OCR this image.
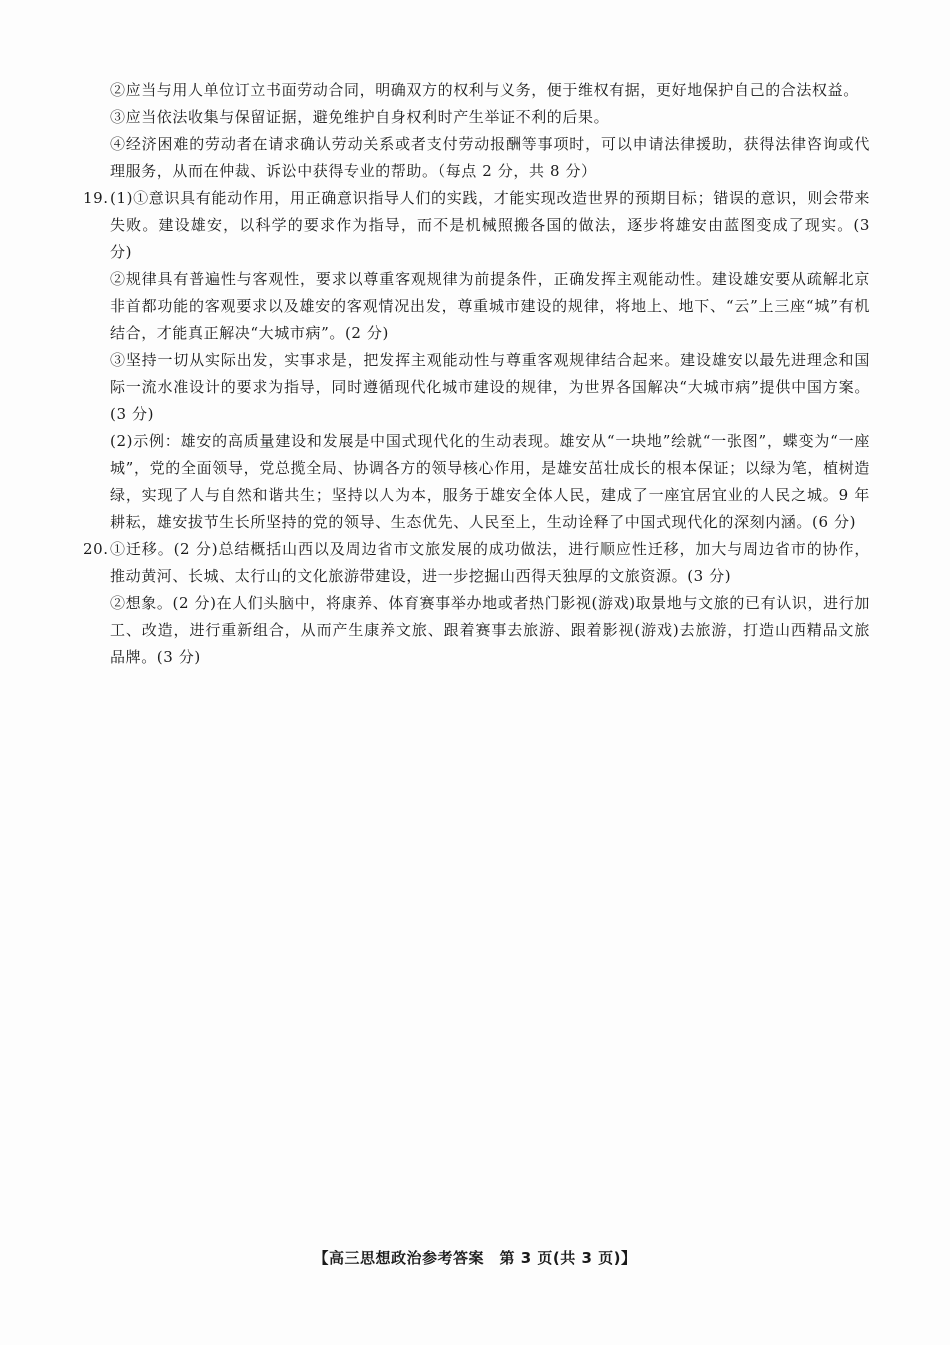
②应当与用人单位订立书面劳动合同，明确双方的权利与义务，便于维权有据，更好地保护自己的合法权益。

③应当依法收集与保留证据，避免维护自身权利时产生举证不利的后果。

④经济困难的劳动者在请求确认劳动关系或者支付劳动报酬等事项时，可以申请法律援助，获得法律咨询或代理服务，从而在仲裁、诉讼中获得专业的帮助。（每点 2 分，共 8 分）

19. (1)①意识具有能动作用，用正确意识指导人们的实践，才能实现改造世界的预期目标；错误的意识，则会带来失败。建设雄安，以科学的要求作为指导，而不是机械照搬各国的做法，逐步将雄安由蓝图变成了现实。(3 分)

②规律具有普遍性与客观性，要求以尊重客观规律为前提条件，正确发挥主观能动性。建设雄安要从疏解北京非首都功能的客观要求以及雄安的客观情况出发，尊重城市建设的规律，将地上、地下、“云”上三座“城”有机结合，才能真正解决“大城市病”。(2 分)

③坚持一切从实际出发，实事求是，把发挥主观能动性与尊重客观规律结合起来。建设雄安以最先进理念和国际一流水准设计的要求为指导，同时遵循现代化城市建设的规律，为世界各国解决“大城市病”提供中国方案。(3 分)

(2)示例：雄安的高质量建设和发展是中国式现代化的生动表现。雄安从“一块地”绘就“一张图”，蝶变为“一座城”，党的全面领导，党总揽全局、协调各方的领导核心作用，是雄安茁壮成长的根本保证；以绿为笔，植树造绿，实现了人与自然和谐共生；坚持以人为本，服务于雄安全体人民，建成了一座宜居宜业的人民之城。9 年耕耘，雄安拔节生长所坚持的党的领导、生态优先、人民至上，生动诠释了中国式现代化的深刻内涵。(6 分)

20. ①迁移。(2 分)总结概括山西以及周边省市文旅发展的成功做法，进行顺应性迁移，加大与周边省市的协作，推动黄河、长城、太行山的文化旅游带建设，进一步挖掘山西得天独厚的文旅资源。(3 分)

②想象。(2 分)在人们头脑中，将康养、体育赛事举办地或者热门影视(游戏)取景地与文旅的已有认识，进行加工、改造，进行重新组合，从而产生康养文旅、跟着赛事去旅游、跟着影视(游戏)去旅游，打造山西精品文旅品牌。(3 分)

【高三思想政治参考答案　第 3 页(共 3 页)】
